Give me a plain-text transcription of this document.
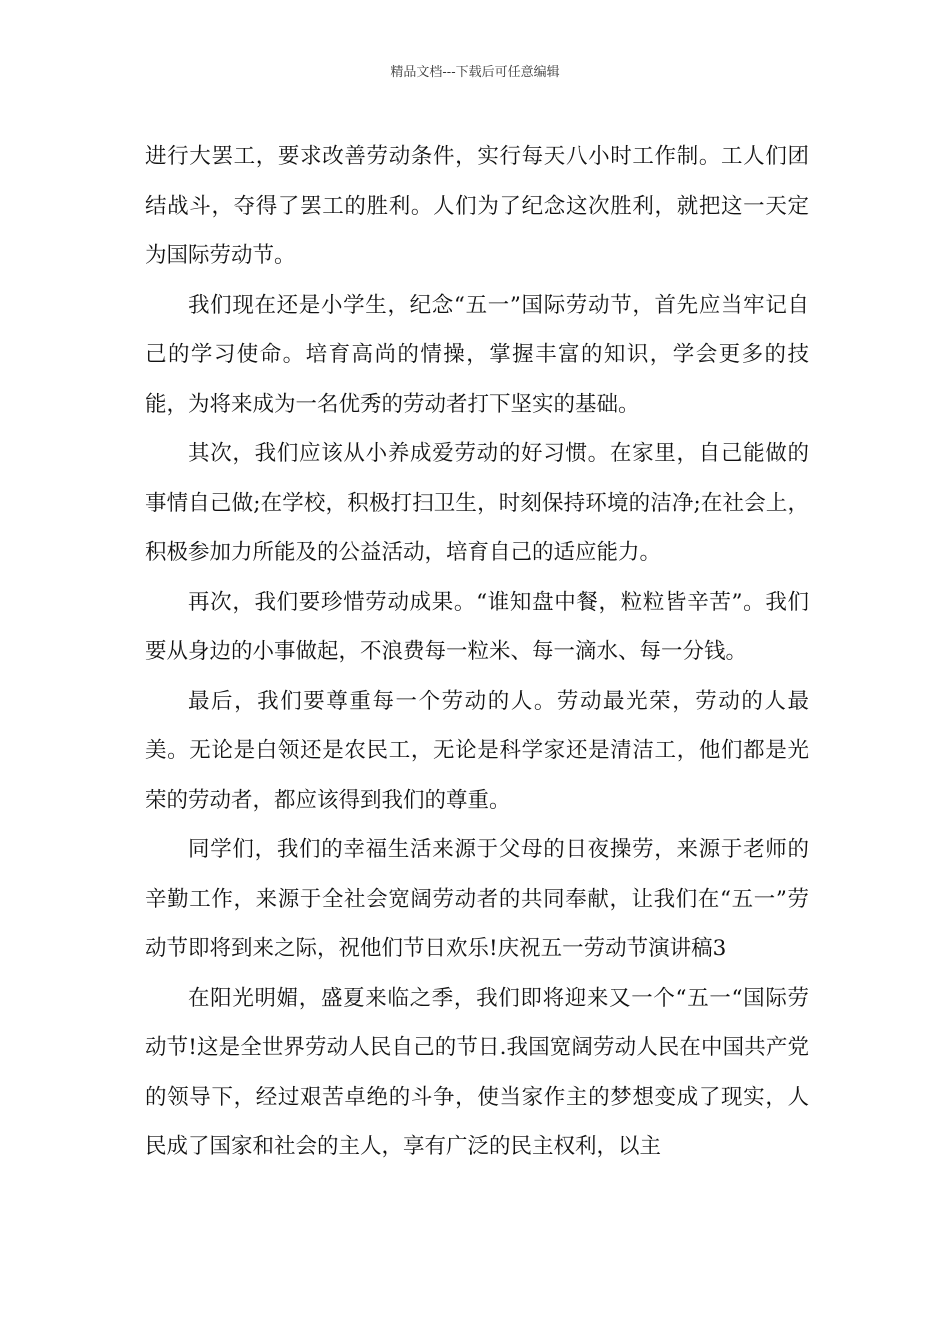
精品文档---下载后可任意编辑

进行大罢工，要求改善劳动条件，实行每天八小时工作制。工人们团结战斗，夺得了罢工的胜利。人们为了纪念这次胜利，就把这一天定为国际劳动节。

我们现在还是小学生，纪念“五一”国际劳动节，首先应当牢记自己的学习使命。培育高尚的情操，掌握丰富的知识，学会更多的技能，为将来成为一名优秀的劳动者打下坚实的基础。

其次，我们应该从小养成爱劳动的好习惯。在家里，自己能做的事情自己做;在学校，积极打扫卫生，时刻保持环境的洁净;在社会上，积极参加力所能及的公益活动，培育自己的适应能力。

再次，我们要珍惜劳动成果。“谁知盘中餐，粒粒皆辛苦”。我们要从身边的小事做起，不浪费每一粒米、每一滴水、每一分钱。

最后，我们要尊重每一个劳动的人。劳动最光荣，劳动的人最美。无论是白领还是农民工，无论是科学家还是清洁工，他们都是光荣的劳动者，都应该得到我们的尊重。

同学们，我们的幸福生活来源于父母的日夜操劳，来源于老师的辛勤工作，来源于全社会宽阔劳动者的共同奉献，让我们在“五一”劳动节即将到来之际，祝他们节日欢乐!庆祝五一劳动节演讲稿3

在阳光明媚，盛夏来临之季，我们即将迎来又一个“五一“国际劳动节!这是全世界劳动人民自己的节日.我国宽阔劳动人民在中国共产党的领导下，经过艰苦卓绝的斗争，使当家作主的梦想变成了现实，人民成了国家和社会的主人，享有广泛的民主权利，以主
